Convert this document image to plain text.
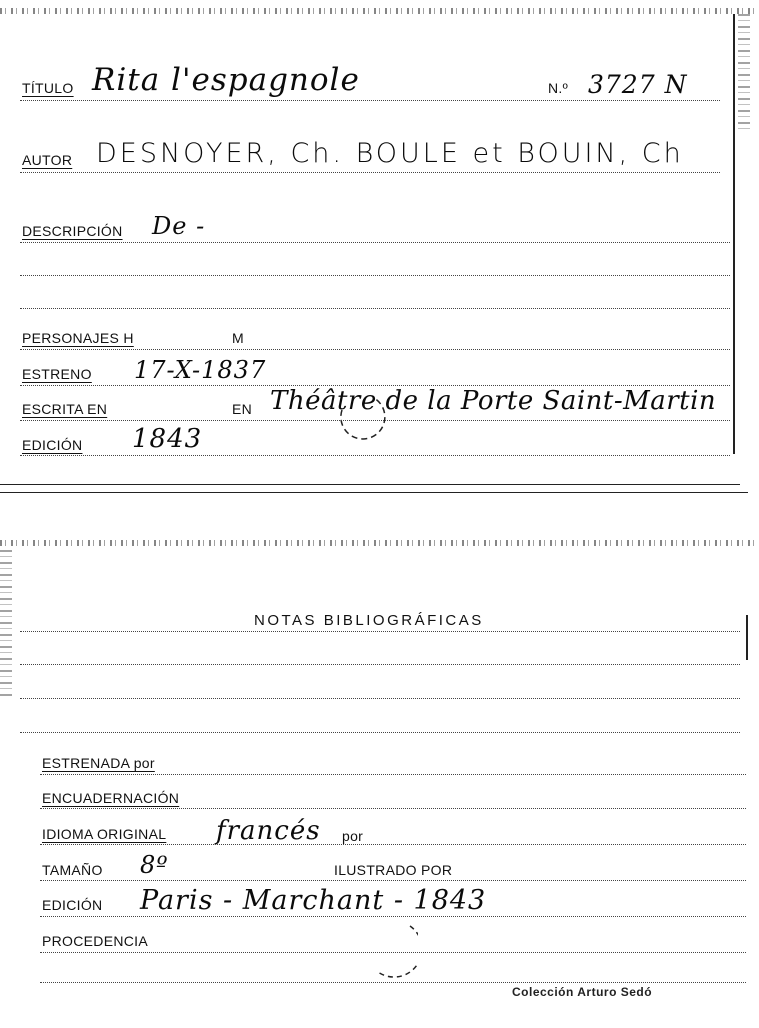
TÍTULO Rita l'espagnole	N.º 3727 N
AUTOR DESNOYER, Ch. BOULE et BOUIN, Ch
DESCRIPCIÓN De -
PERSONAJES H	M
ESTRENO 17-X-1837
ESCRITA EN	EN Théâtre de la Porte Saint-Martin
EDICIÓN 1843
NOTAS BIBLIOGRÁFICAS
ESTRENADA por
ENCUADERNACIÓN
IDIOMA ORIGINAL francés por
TAMAÑO 8º	ILUSTRADO POR
EDICIÓN Paris - Marchant - 1843
PROCEDENCIA
Colección Arturo Sedó
